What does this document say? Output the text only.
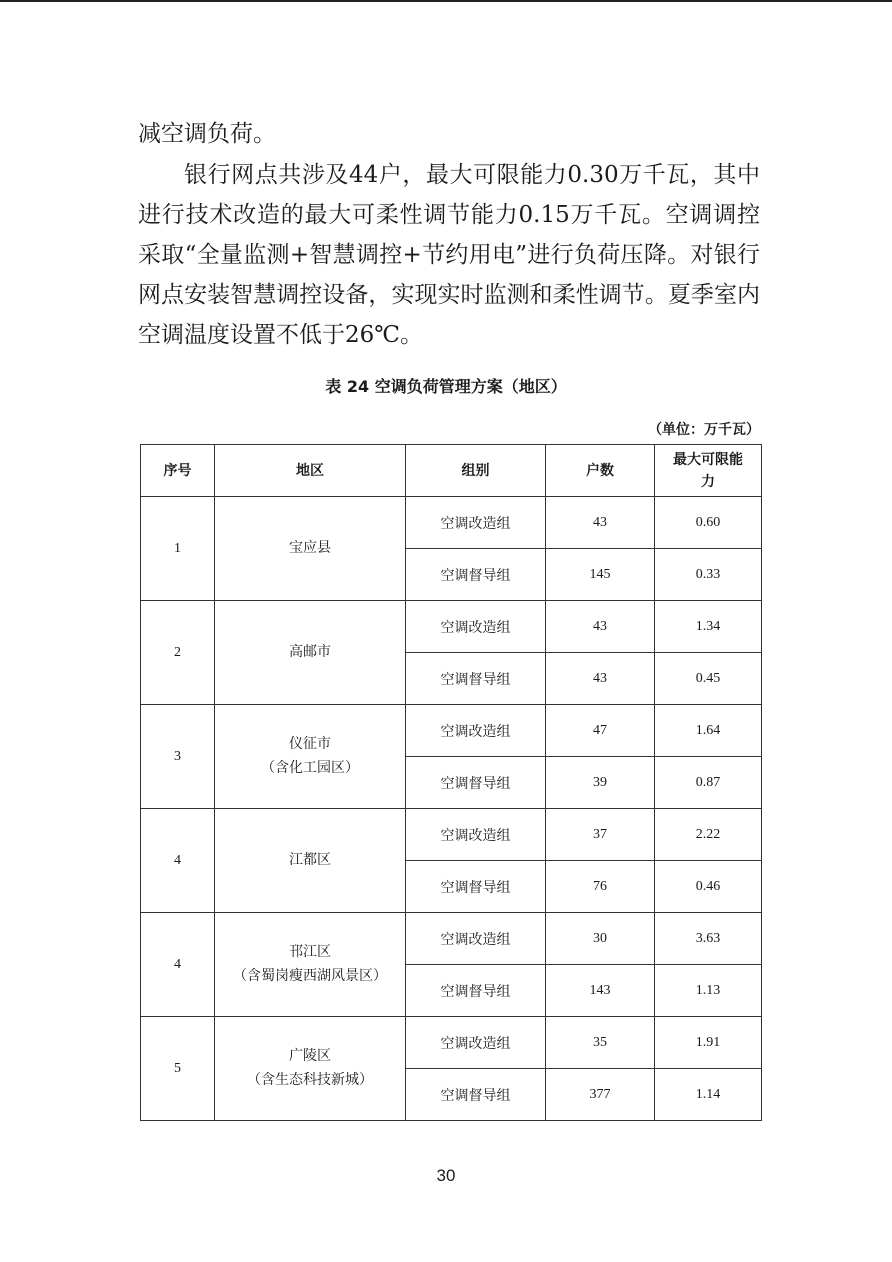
减空调负荷。

银行网点共涉及44户，最大可限能力0.30万千瓦，其中进行技术改造的最大可柔性调节能力0.15万千瓦。空调调控采取“全量监测+智慧调控+节约用电”进行负荷压降。对银行网点安装智慧调控设备，实现实时监测和柔性调节。夏季室内空调温度设置不低于26℃。

表 24 空调负荷管理方案（地区）
（单位：万千瓦）
序号	地区	组别	户数	最大可限能力
1	宝应县	空调改造组	43	0.60
		空调督导组	145	0.33
2	高邮市	空调改造组	43	1.34
		空调督导组	43	0.45
3	仪征市
（含化工园区）	空调改造组	47	1.64
		空调督导组	39	0.87
4	江都区	空调改造组	37	2.22
		空调督导组	76	0.46
4	邗江区
（含蜀岗瘦西湖风景区）	空调改造组	30	3.63
		空调督导组	143	1.13
5	广陵区
（含生态科技新城）	空调改造组	35	1.91
		空调督导组	377	1.14
30
